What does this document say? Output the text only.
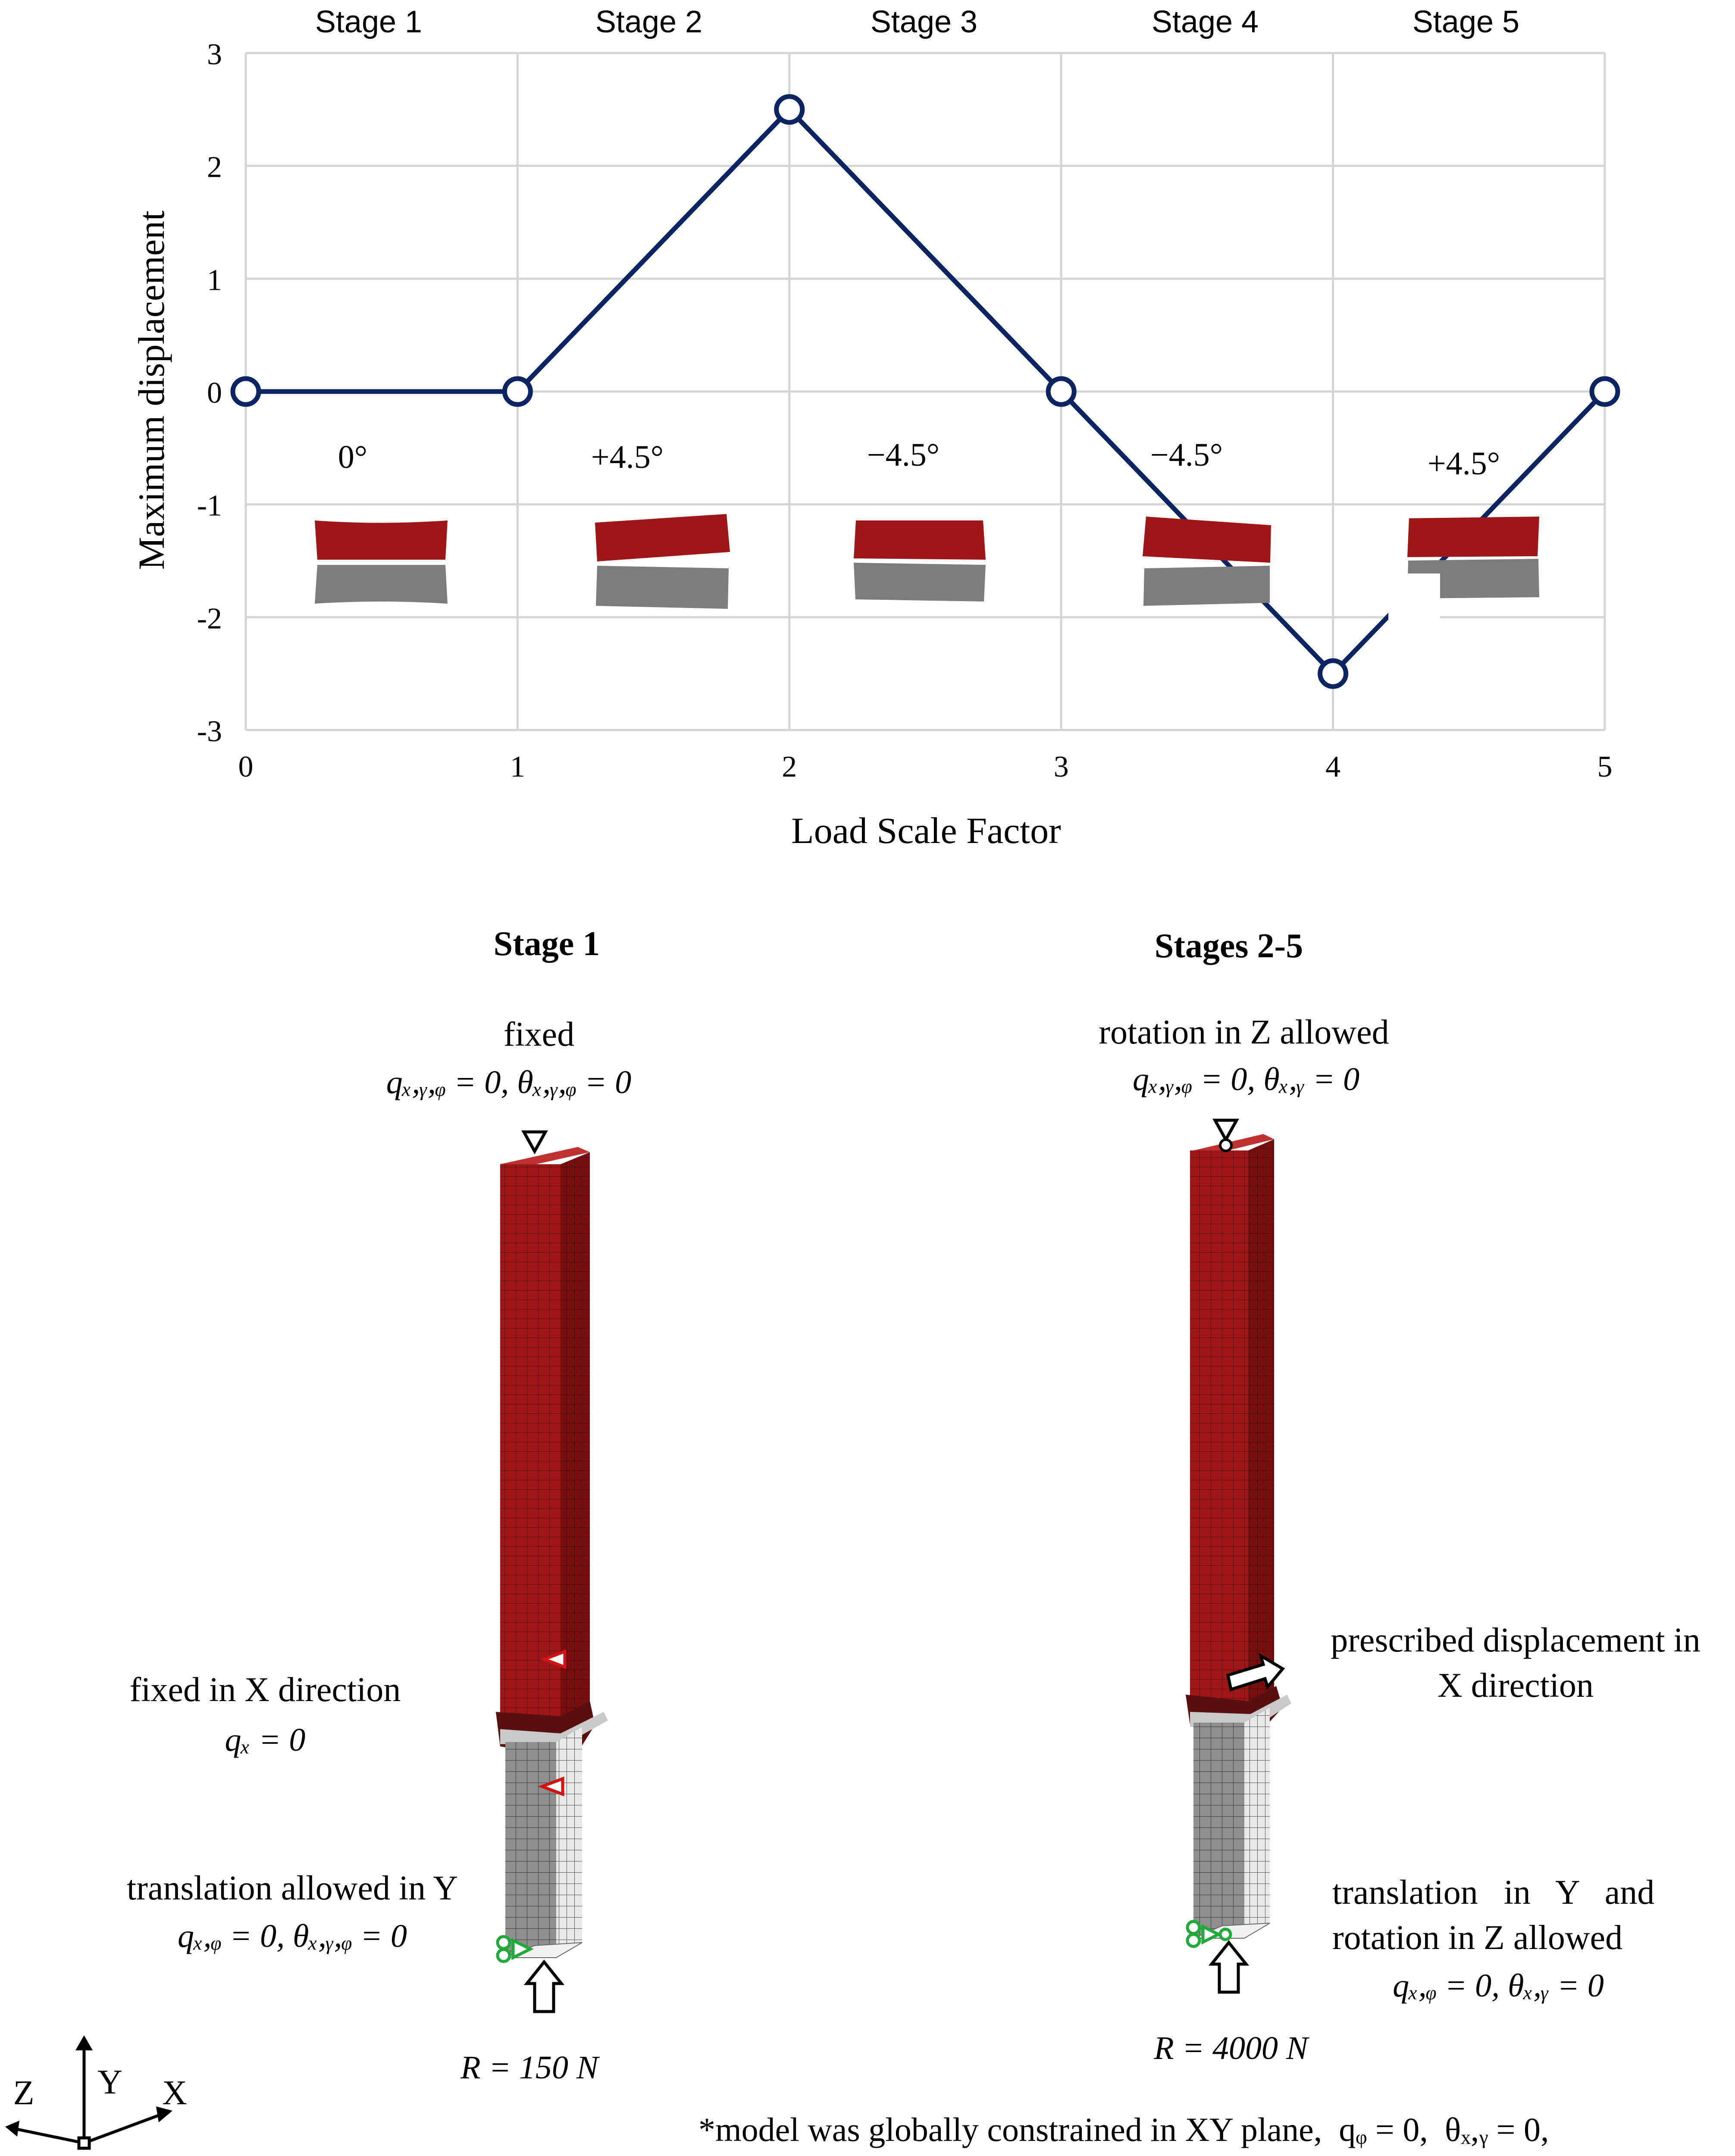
Stage 1	Stage 2	Stage 3	Stage 4	Stage 5
3
2
1
0
-1
-2
-3
0	1	2	3	4	5
0°	+4.5°	−4.5°	−4.5°	+4.5°
Maximum displacement
Load Scale Factor
Stage 1
fixed
qₓ,ᵧ,ᵩ = 0, θₓ,ᵧ,ᵩ = 0
fixed in X direction
qₓ = 0
translation allowed in Y
qₓ,ᵩ = 0, θₓ,ᵧ,ᵩ = 0
R = 150 N
Stages 2-5
rotation in Z allowed
qₓ,ᵧ,ᵩ = 0, θₓ,ᵧ = 0
prescribed displacement in
X direction
translation   in   Y   and
rotation in Z allowed
qₓ,ᵩ = 0, θₓ,ᵧ = 0
R = 4000 N
Z Y X
*model was globally constrained in XY plane,  qᵩ = 0,  θₓ,ᵧ = 0,
